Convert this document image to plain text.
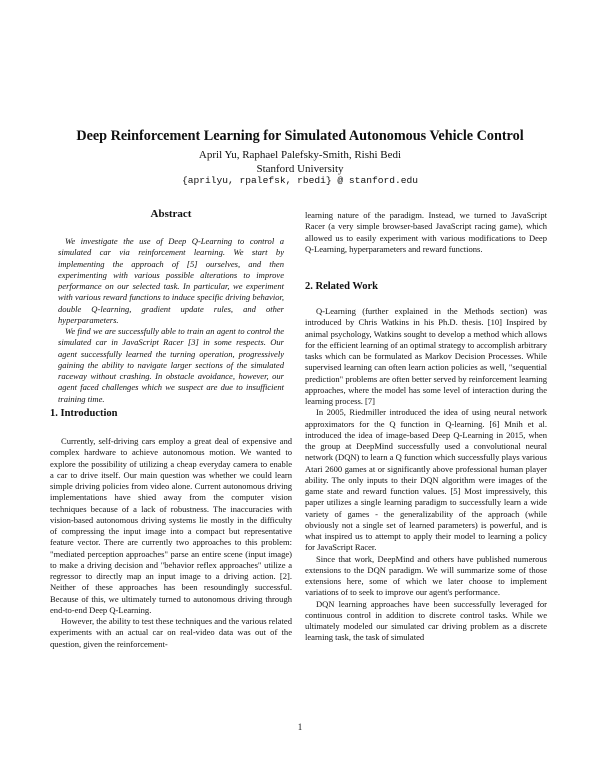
Deep Reinforcement Learning for Simulated Autonomous Vehicle Control
April Yu, Raphael Palefsky-Smith, Rishi Bedi
Stanford University
{aprilyu, rpalefsk, rbedi} @ stanford.edu
Abstract

We investigate the use of Deep Q-Learning to control a simulated car via reinforcement learning. We start by implementing the approach of [5] ourselves, and then experimenting with various possible alterations to improve performance on our selected task. In particular, we experiment with various reward functions to induce specific driving behavior, double Q-learning, gradient update rules, and other hyperparameters.

We find we are successfully able to train an agent to control the simulated car in JavaScript Racer [3] in some respects. Our agent successfully learned the turning operation, progressively gaining the ability to navigate larger sections of the simulated raceway without crashing. In obstacle avoidance, however, our agent faced challenges which we suspect are due to insufficient training time.

1. Introduction

Currently, self-driving cars employ a great deal of expensive and complex hardware to achieve autonomous motion. We wanted to explore the possibility of utilizing a cheap everyday camera to enable a car to drive itself. Our main question was whether we could learn simple driving policies from video alone. Current autonomous driving implementations have shied away from the computer vision techniques because of a lack of robustness. The inaccuracies with vision-based autonomous driving systems lie mostly in the difficulty of compressing the input image into a compact but representative feature vector. There are currently two approaches to this problem: "mediated perception approaches" parse an entire scene (input image) to make a driving decision and "behavior reflex approaches" utilize a regressor to directly map an input image to a driving action. [2]. Neither of these approaches has been resoundingly successful. Because of this, we ultimately turned to autonomous driving through end-to-end Deep Q-Learning.

However, the ability to test these techniques and the various related experiments with an actual car on real-video data was out of the question, given the reinforcement-

learning nature of the paradigm. Instead, we turned to JavaScript Racer (a very simple browser-based JavaScript racing game), which allowed us to easily experiment with various modifications to Deep Q-Learning, hyperparameters and reward functions.

2. Related Work

Q-Learning (further explained in the Methods section) was introduced by Chris Watkins in his Ph.D. thesis. [10] Inspired by animal psychology, Watkins sought to develop a method which allows for the efficient learning of an optimal strategy to accomplish arbitrary tasks which can be formulated as Markov Decision Processes. While supervised learning can often learn action policies as well, "sequential prediction" problems are often better served by reinforcement learning approaches, where the model has some level of interaction during the learning process. [7]

In 2005, Riedmiller introduced the idea of using neural network approximators for the Q function in Q-learning. [6] Mnih et al. introduced the idea of image-based Deep Q-Learning in 2015, when the group at DeepMind successfully used a convolutional neural network (DQN) to learn a Q function which successfully plays various Atari 2600 games at or significantly above professional human player ability. The only inputs to their DQN algorithm were images of the game state and reward function values. [5] Most impressively, this paper utilizes a single learning paradigm to successfully learn a wide variety of games - the generalizability of the approach (while obviously not a single set of learned parameters) is powerful, and is what inspired us to attempt to apply their model to learning a policy for JavaScript Racer.

Since that work, DeepMind and others have published numerous extensions to the DQN paradigm. We will summarize some of those extensions here, some of which we later choose to implement variations of to seek to improve our agent's performance.

DQN learning approaches have been successfully leveraged for continuous control in addition to discrete control tasks. While we ultimately modeled our simulated car driving problem as a discrete learning task, the task of simulated

1
